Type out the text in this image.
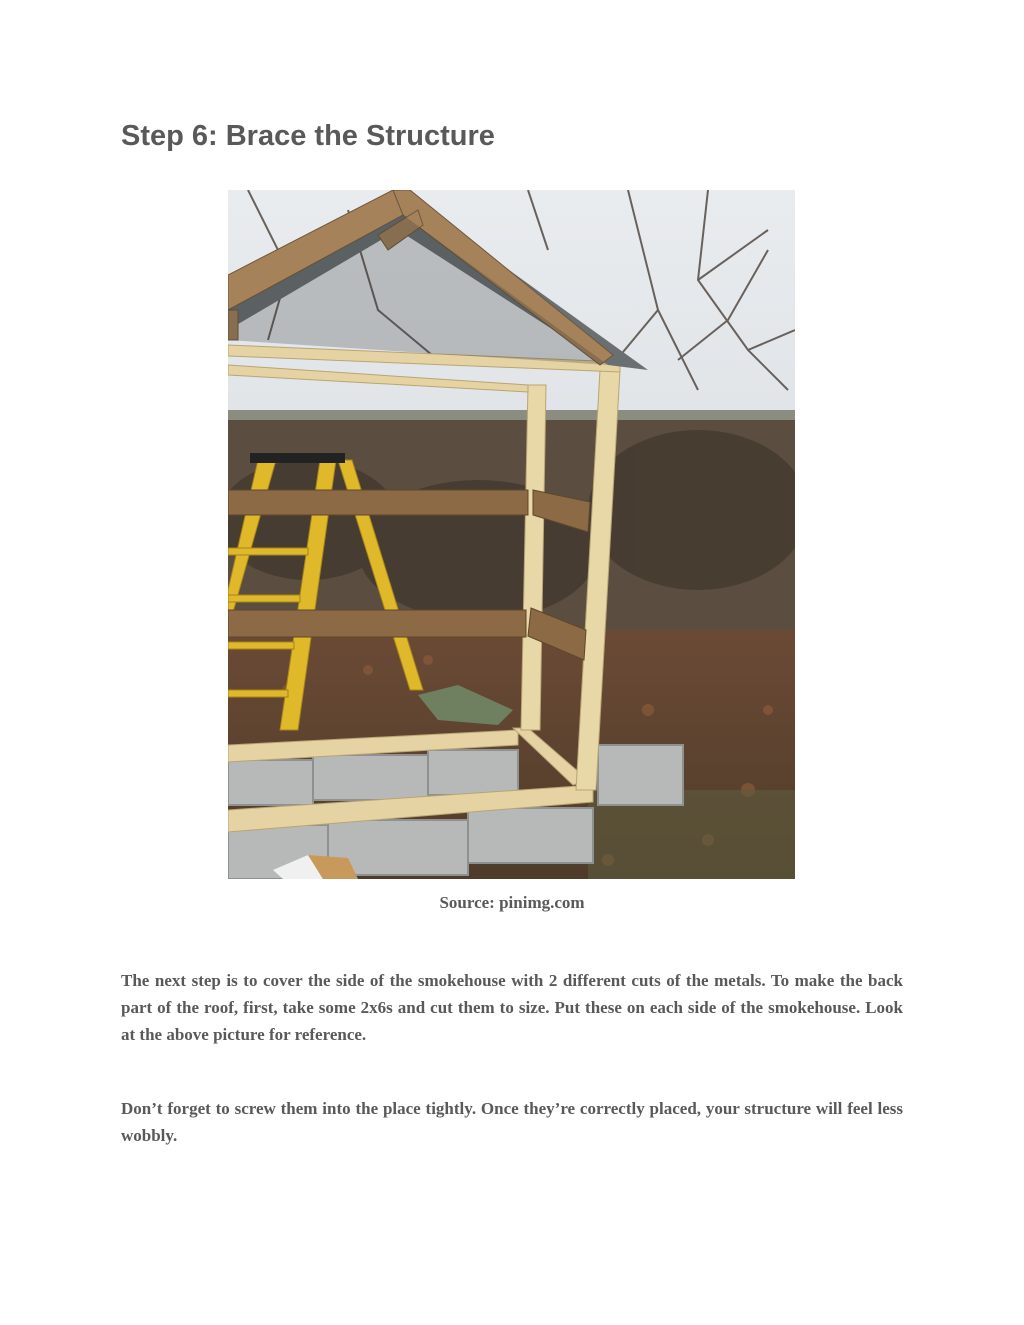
Step 6: Brace the Structure
Source: pinimg.com

The next step is to cover the side of the smokehouse with 2 different cuts of the metals. To make the back part of the roof, first, take some 2x6s and cut them to size. Put these on each side of the smokehouse. Look at the above picture for reference.

Don’t forget to screw them into the place tightly. Once they’re correctly placed, your structure will feel less wobbly.
